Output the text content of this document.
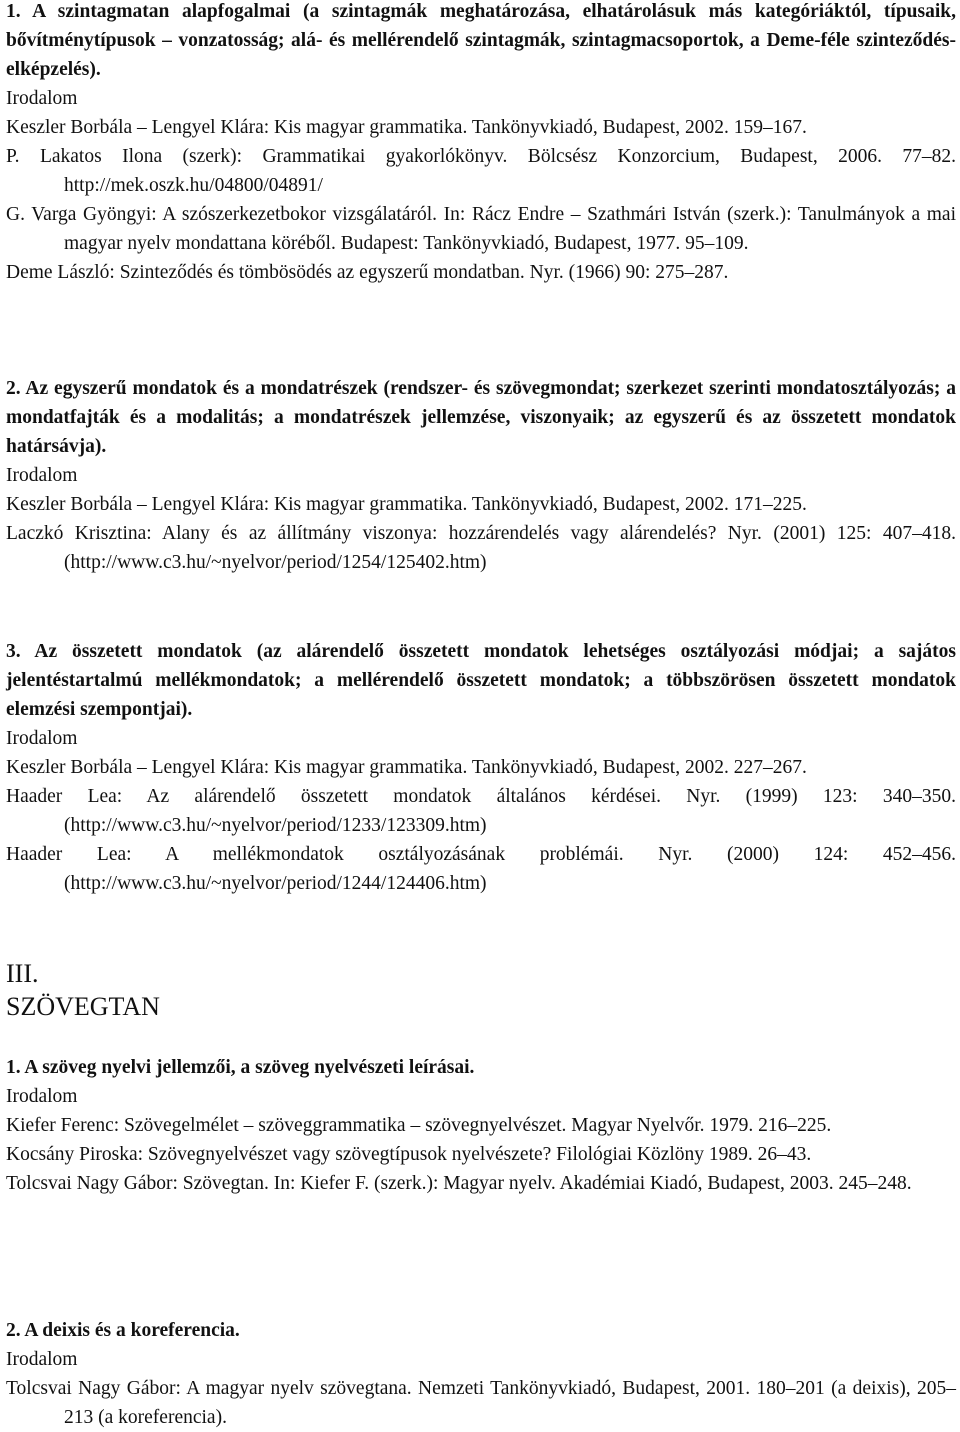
1. A szintagmatan alapfogalmai (a szintagmák meghatározása, elhatárolásuk más kategóriáktól, típusaik, bővítménytípusok – vonzatosság; alá- és mellérendelő szintagmák, szintagmacsoportok, a Deme-féle szinteződés-elképzelés).

Irodalom

Keszler Borbála – Lengyel Klára: Kis magyar grammatika. Tankönyvkiadó, Budapest, 2002. 159–167.

P. Lakatos Ilona (szerk): Grammatikai gyakorlókönyv. Bölcsész Konzorcium, Budapest, 2006. 77–82. http://mek.oszk.hu/04800/04891/

G. Varga Gyöngyi: A szószerkezetbokor vizsgálatáról. In: Rácz Endre – Szathmári István (szerk.): Tanulmányok a mai magyar nyelv mondattana köréből. Budapest: Tankönyvkiadó, Budapest, 1977. 95–109.

Deme László: Szinteződés és tömbösödés az egyszerű mondatban. Nyr. (1966) 90: 275–287.

2. Az egyszerű mondatok és a mondatrészek (rendszer- és szövegmondat; szerkezet szerinti mondatosztályozás; a mondatfajták és a modalitás; a mondatrészek jellemzése, viszonyaik; az egyszerű és az összetett mondatok határsávja).

Irodalom

Keszler Borbála – Lengyel Klára: Kis magyar grammatika. Tankönyvkiadó, Budapest, 2002. 171–225.

Laczkó Krisztina: Alany és az állítmány viszonya: hozzárendelés vagy alárendelés? Nyr. (2001) 125: 407–418. (http://www.c3.hu/~nyelvor/period/1254/125402.htm)

3. Az összetett mondatok (az alárendelő összetett mondatok lehetséges osztályozási módjai; a sajátos jelentéstartalmú mellékmondatok; a mellérendelő összetett mondatok; a többszörösen összetett mondatok elemzési szempontjai).

Irodalom

Keszler Borbála – Lengyel Klára: Kis magyar grammatika. Tankönyvkiadó, Budapest, 2002. 227–267.

Haader Lea: Az alárendelő összetett mondatok általános kérdései. Nyr. (1999) 123: 340–350. (http://www.c3.hu/~nyelvor/period/1233/123309.htm)

Haader Lea: A mellékmondatok osztályozásának problémái. Nyr. (2000) 124: 452–456. (http://www.c3.hu/~nyelvor/period/1244/124406.htm)

III.

SZÖVEGTAN

1. A szöveg nyelvi jellemzői, a szöveg nyelvészeti leírásai.

Irodalom

Kiefer Ferenc: Szövegelmélet – szöveggrammatika – szövegnyelvészet. Magyar Nyelvőr. 1979. 216–225.

Kocsány Piroska: Szövegnyelvészet vagy szövegtípusok nyelvészete? Filológiai Közlöny 1989. 26–43.

Tolcsvai Nagy Gábor: Szövegtan. In: Kiefer F. (szerk.): Magyar nyelv. Akadémiai Kiadó, Budapest, 2003. 245–248.

2. A deixis és a koreferencia.

Irodalom

Tolcsvai Nagy Gábor: A magyar nyelv szövegtana. Nemzeti Tankönyvkiadó, Budapest, 2001. 180–201 (a deixis), 205–213 (a koreferencia).
